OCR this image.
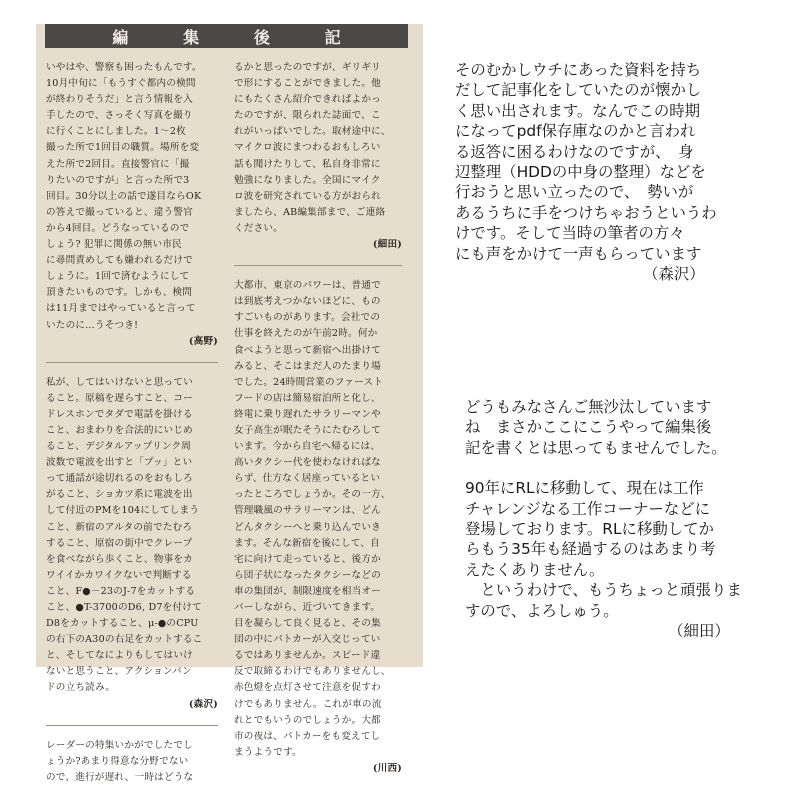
編	集	後	記

いやはや、警察も困ったもんです。

10月中旬に「もうすぐ都内の検問

が終わりそうだ」と言う情報を入

手したので、さっそく写真を撮り

に行くことにしました。1～2枚

撮った所で1回目の職質。場所を変

えた所で2回目。直接警官に「撮

りたいのですが」と言った所で3

回目。30分以上の話で遂目ならOK

の答えで撮っていると、違う警官

から4回目。どうなっているので

しょう? 犯罪に関係の無い市民

に尋問責めしても嫌われるだけで

しょうに。1回で済むようにして

頂きたいものです。しかも、検問

は11月まではやっていると言って

いたのに…うそつき!

(高野)

私が、してはいけないと思ってい

ること。原稿を遅らすこと、コー

ドレスホンでタダで電話を掛ける

こと、おまわりを合法的にいじめ

ること、デジタルアップリンク周

波数で電波を出すと「プッ」とい

って通話が途切れるのをおもしろ

がること、ショカツ系に電波を出

して付近のPMを104にしてしまう

こと、新宿のアルタの前でたむろ

すること、原宿の街中でクレープ

を食べながら歩くこと、物事をカ

ワイイかカワイクないで判断する

こと、F●－23のJ-7をカットする

こと、●T-3700のD6, D7を付けて

D8をカットすること、μ-●のCPU

の右下のA30の右足をカットするこ

と、そしてなによりもしてはいけ

ないと思うこと、アクションバン

ドの立ち読み。

(森沢)

レーダーの特集いかがでしたでし

ょうか?あまり得意な分野でない

ので、進行が遅れ、一時はどうな

るかと思ったのですが、ギリギリ

で形にすることができました。他

にもたくさん紹介できればよかっ

たのですが、限られた誌面で、こ

れがいっぱいでした。取材途中に、

マイクロ波にまつわるおもしろい

話も聞けたりして、私自身非常に

勉強になりました。全国にマイク

ロ波を研究されている方がおられ

ましたら、AB編集部まで、ご連絡

ください。

(細田)

大都市、東京のパワーは、普通で

は到底考えつかないほどに、もの

すごいものがあります。会社での

仕事を終えたのが午前2時。何か

食べようと思って新宿へ出掛けて

みると、そこはまだ人のたまり場

でした。24時間営業のファースト

フードの店は簡易宿泊所と化し、

終電に乗り遅れたサラリーマンや

女子高生が眠たそうにたむろして

います。今から自宅へ帰るには、

高いタクシー代を使わなければな

らず、仕方なく居座っているとい

ったところでしょうか。その一方、

管理職風のサラリーマンは、どん

どんタクシーへと乗り込んでいき

ます。そんな新宿を後にして、自

宅に向けて走っていると、後方か

ら団子状になったタクシーなどの

車の集団が、制限速度を相当オー

バーしながら、近づいてきます。

目を凝らして良く見ると、その集

団の中にパトカーが入交じってい

るではありませんか。スピード違

反で取締るわけでもありませんし、

赤色燈を点灯させて注意を促すわ

けでもありません。これが車の流

れとでもいうのでしょうか。大都

市の夜は、パトカーをも変えてし

まうようです。

(川西)

そのむかしウチにあった資料を持ち

だして記事化をしていたのが懐かし

く思い出されます。なんでこの時期

になってpdf保存庫なのかと言われ

る返答に困るわけなのですが、　身

辺整理（HDDの中身の整理）などを

行おうと思い立ったので、　勢いが

あるうちに手をつけちゃおうというわ

けです。そして当時の筆者の方々

にも声をかけて一声もらっています

（森沢）

どうもみなさんご無沙汰しています

ね　まさかここにこうやって編集後

記を書くとは思ってもませんでした。

90年にRLに移動して、現在は工作

チャレンジなる工作コーナーなどに

登場しております。RLに移動してか

らもう35年も経過するのはあまり考

えたくありません。

　というわけで、もうちょっと頑張りま

すので、よろしゅう。

（細田）
